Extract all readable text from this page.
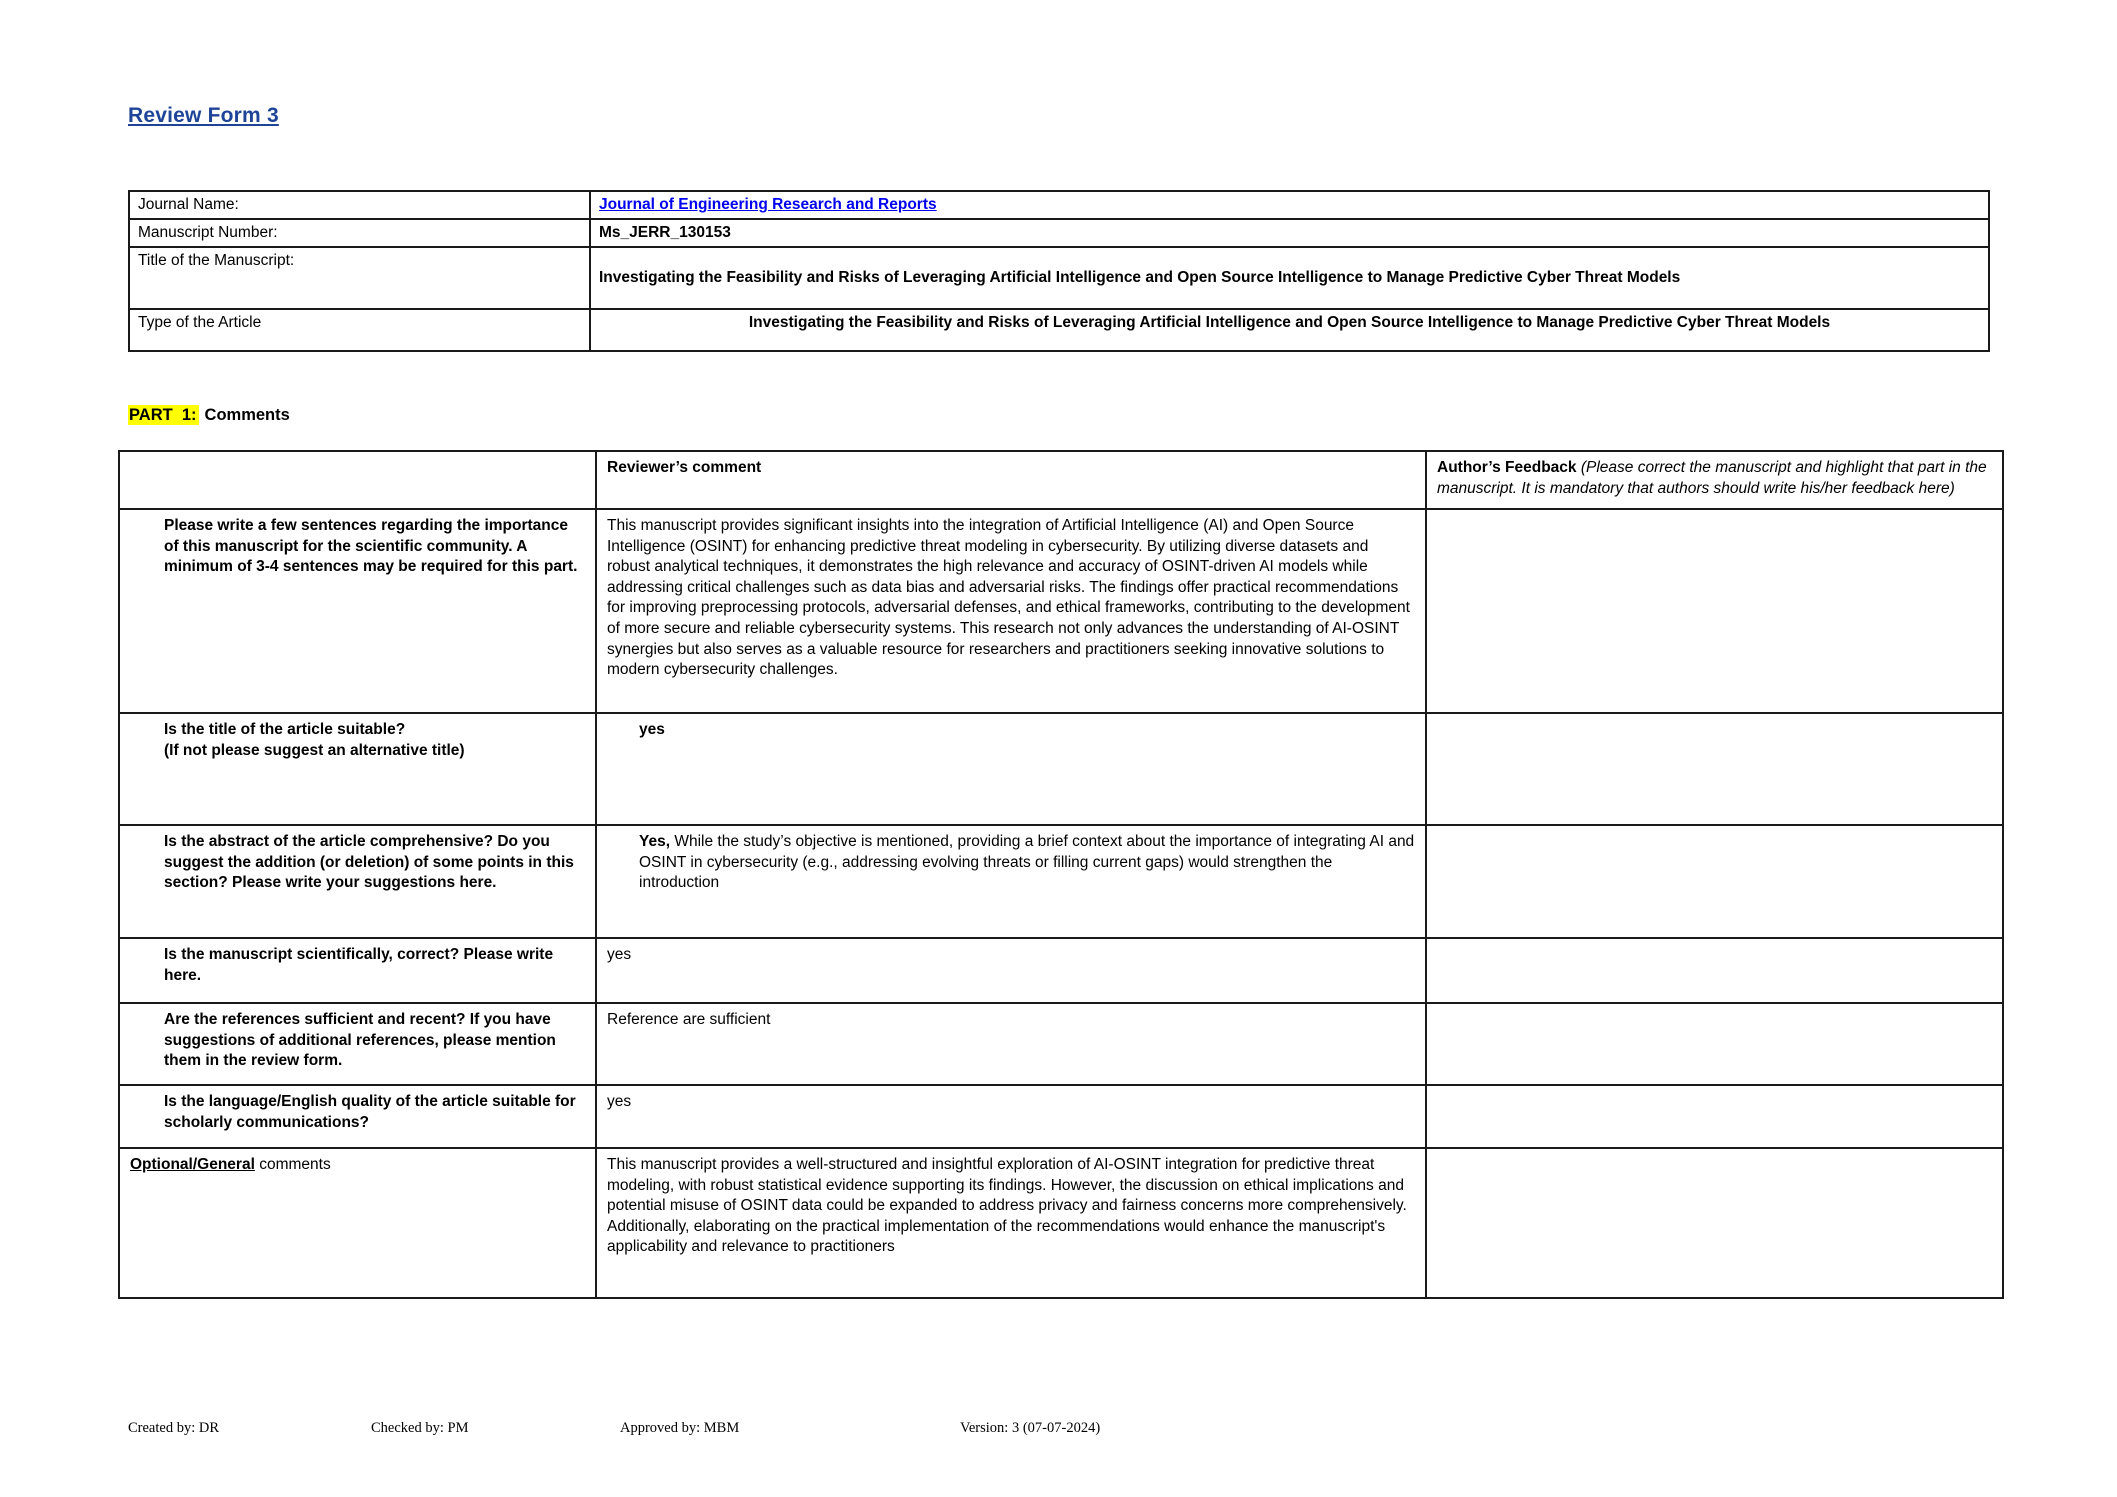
Review Form 3
Journal Name:	Journal of Engineering Research and Reports
Manuscript Number:	Ms_JERR_130153
Title of the Manuscript:	Investigating the Feasibility and Risks of Leveraging Artificial Intelligence and Open Source Intelligence to Manage Predictive Cyber Threat Models
Type of the Article	Investigating the Feasibility and Risks of Leveraging Artificial Intelligence and Open Source Intelligence to Manage Predictive Cyber Threat Models
PART  1: Comments
	Reviewer’s comment	Author’s Feedback (Please correct the manuscript and highlight that part in the manuscript. It is mandatory that authors should write his/her feedback here)
Please write a few sentences regarding the importance of this manuscript for the scientific community. A minimum of 3-4 sentences may be required for this part.	This manuscript provides significant insights into the integration of Artificial Intelligence (AI) and Open Source Intelligence (OSINT) for enhancing predictive threat modeling in cybersecurity. By utilizing diverse datasets and robust analytical techniques, it demonstrates the high relevance and accuracy of OSINT-driven AI models while addressing critical challenges such as data bias and adversarial risks. The findings offer practical recommendations for improving preprocessing protocols, adversarial defenses, and ethical frameworks, contributing to the development of more secure and reliable cybersecurity systems. This research not only advances the understanding of AI-OSINT synergies but also serves as a valuable resource for researchers and practitioners seeking innovative solutions to modern cybersecurity challenges.	
Is the title of the article suitable?
(If not please suggest an alternative title)	yes	
Is the abstract of the article comprehensive? Do you suggest the addition (or deletion) of some points in this section? Please write your suggestions here.	Yes, While the study’s objective is mentioned, providing a brief context about the importance of integrating AI and OSINT in cybersecurity (e.g., addressing evolving threats or filling current gaps) would strengthen the introduction	
Is the manuscript scientifically, correct? Please write here.	yes	
Are the references sufficient and recent? If you have suggestions of additional references, please mention them in the review form.	Reference are sufficient	
Is the language/English quality of the article suitable for scholarly communications?	yes	
Optional/General comments	This manuscript provides a well-structured and insightful exploration of AI-OSINT integration for predictive threat modeling, with robust statistical evidence supporting its findings. However, the discussion on ethical implications and potential misuse of OSINT data could be expanded to address privacy and fairness concerns more comprehensively. Additionally, elaborating on the practical implementation of the recommendations would enhance the manuscript's applicability and relevance to practitioners	
Created by: DR	Checked by: PM	Approved by: MBM	Version: 3 (07-07-2024)
